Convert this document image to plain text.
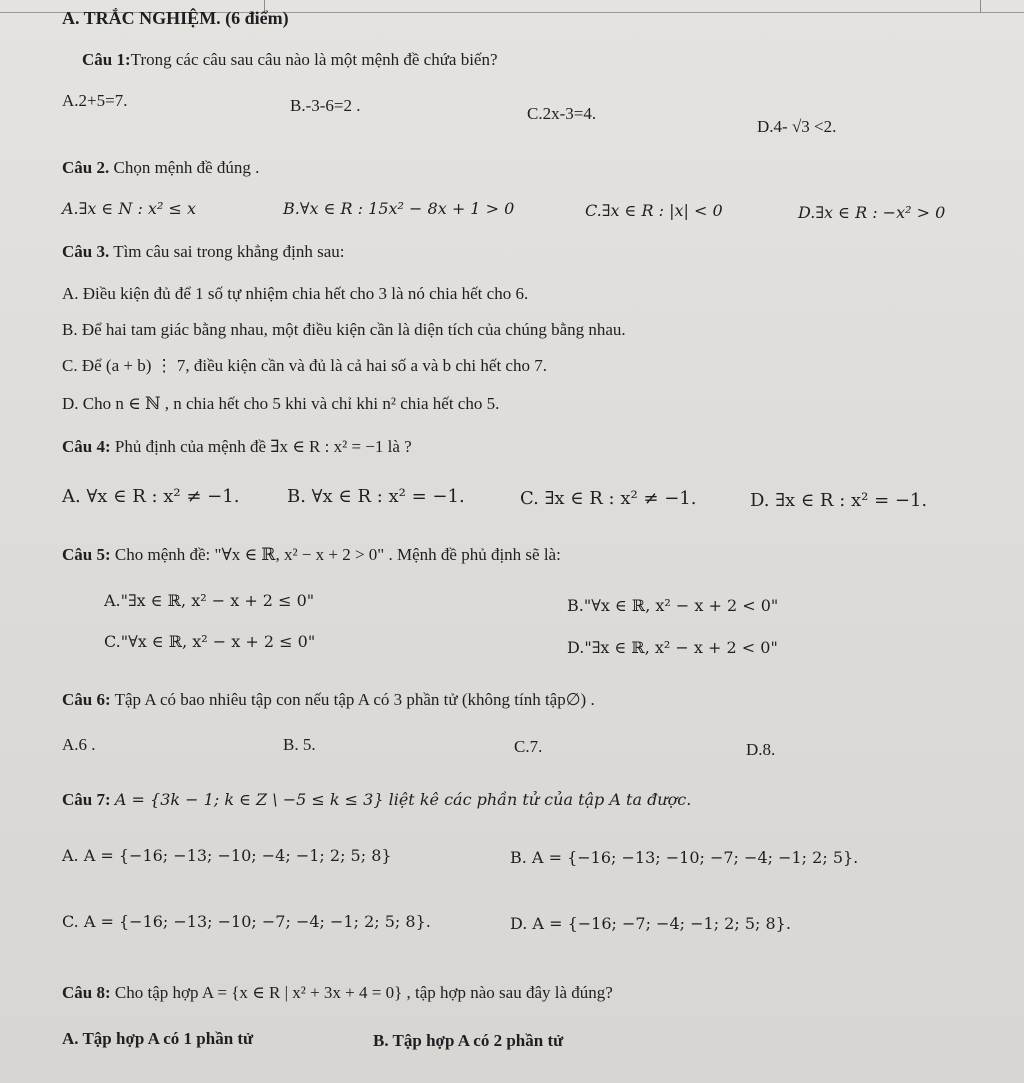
A. TRẮC NGHIỆM. (6 điểm)
Câu 1:Trong các câu sau câu nào là một mệnh đề chứa biến?
A.2+5=7.	B.-3-6=2 .	C.2x-3=4.
D.4- √3 <2.
Câu 2. Chọn mệnh đề đúng .
A.∃x ∈ N : x² ≤ x	B.∀x ∈ R : 15x² − 8x + 1 > 0	C.∃x ∈ R : |x| < 0	D.∃x ∈ R : −x² > 0
Câu 3. Tìm câu sai trong khẳng định sau:
A. Điều kiện đủ để 1 số tự nhiệm chia hết cho 3 là nó chia hết cho 6.
B. Để hai tam giác bằng nhau, một điều kiện cần là diện tích của chúng bằng nhau.
C. Để (a + b) ⋮ 7, điều kiện cần và đủ là cả hai số a và b chi hết cho 7.
D. Cho n ∈ ℕ , n chia hết cho 5 khi và chỉ khi n² chia hết cho 5.
Câu 4: Phủ định của mệnh đề ∃x ∈ R : x² = −1 là ?
A. ∀x ∈ R : x² ≠ −1.	B. ∀x ∈ R : x² = −1.	C. ∃x ∈ R : x² ≠ −1.	D. ∃x ∈ R : x² = −1.
Câu 5: Cho mệnh đề: "∀x ∈ ℝ, x² − x + 2 > 0" . Mệnh đề phủ định sẽ là:
A."∃x ∈ ℝ, x² − x + 2 ≤ 0"	B."∀x ∈ ℝ, x² − x + 2 < 0"
C."∀x ∈ ℝ, x² − x + 2 ≤ 0"	D."∃x ∈ ℝ, x² − x + 2 < 0"
Câu 6: Tập A có bao nhiêu tập con nếu tập A có 3 phần tử (không tính tập∅) .
A.6 .	B. 5.	C.7.	D.8.
Câu 7: A = {3k − 1; k ∈ Z \ −5 ≤ k ≤ 3} liệt kê các phần tử của tập A ta được.
A. A = {−16; −13; −10; −4; −1; 2; 5; 8}	B. A = {−16; −13; −10; −7; −4; −1; 2; 5}.
C. A = {−16; −13; −10; −7; −4; −1; 2; 5; 8}.	D. A = {−16; −7; −4; −1; 2; 5; 8}.
Câu 8: Cho tập hợp A = {x ∈ R | x² + 3x + 4 = 0} , tập hợp nào sau đây là đúng?
A. Tập hợp A có 1 phần tử	B. Tập hợp A có 2 phần tử
